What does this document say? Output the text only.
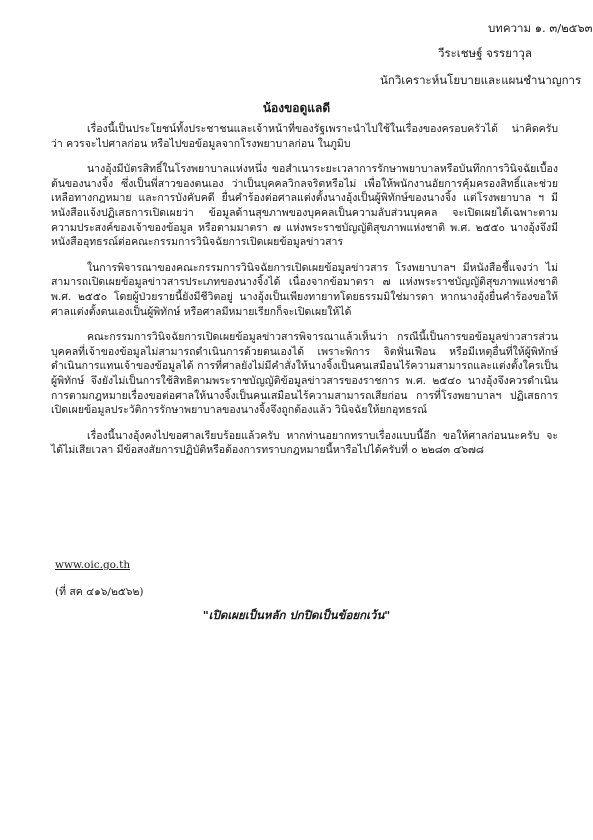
บทความ ๑. ๓/๒๕๖๓
วีระเชษฐ์ จรรยาวุล
นักวิเคราะห์นโยบายและแผนชำนาญการ
น้องขอดูแลดี

เรื่องนี้เป็นประโยชน์ทั้งประชาชนและเจ้าหน้าที่ของรัฐเพราะนำไปใช้ในเรื่องของครอบครัวได้ น่าคิดครับว่า ควรจะไปศาลก่อน หรือไปขอข้อมูลจากโรงพยาบาลก่อน ในภูมิบ

นางอุ้งมีบัตรสิทธิ์ในโรงพยาบาลแห่งหนึ่ง ขอสำเนาระยะเวลาการรักษาพยาบาลหรือบันทึกการวินิจฉัยเบื้องต้นของนางจิ้ง ซึ่งเป็นพี่สาวของตนเอง ว่าเป็นบุคคลวิกลจริตหรือไม่ เพื่อให้พนักงานอัยการคุ้มครองสิทธิ์และช่วยเหลือทางกฎหมาย และการบังคับคดี ยื่นคำร้องต่อศาลแต่งตั้งนางอุ้งเป็นผู้พิทักษ์ของนางจิ้ง แต่โรงพยาบาล ฯ มีหนังสือแจ้งปฏิเสธการเปิดเผยว่า ข้อมูลด้านสุขภาพของบุคคลเป็นความลับส่วนบุคคล จะเปิดเผยได้เฉพาะตามความประสงค์ของเจ้าของข้อมูล หรือตามมาตรา ๗ แห่งพระราชบัญญัติสุขภาพแห่งชาติ พ.ศ. ๒๕๕๐ นางอุ้งจึงมีหนังสืออุทธรณ์ต่อคณะกรรมการวินิจฉัยการเปิดเผยข้อมูลข่าวสาร

ในการพิจารณาของคณะกรรมการวินิจฉัยการเปิดเผยข้อมูลข่าวสาร โรงพยาบาลฯ มีหนังสือชี้แจงว่า ไม่สามารถเปิดเผยข้อมูลข่าวสารประเภทของนางจิ้งได้ เนื่องจากข้อมาตรา ๗ แห่งพระราชบัญญัติสุขภาพแห่งชาติ พ.ศ. ๒๕๕๐ โดยผู้ป่วยรายนี้ยังมีชีวิตอยู่ นางอุ้งเป็นเพียงทายาทโดยธรรมมิใช่มารดา หากนางอุ้งยื่นคำร้องขอให้ศาลแต่งตั้งตนเองเป็นผู้พิทักษ์ หรือศาลมีหมายเรียกก็จะเปิดเผยให้ได้

คณะกรรมการวินิจฉัยการเปิดเผยข้อมูลข่าวสารพิจารณาแล้วเห็นว่า กรณีนี้เป็นการขอข้อมูลข่าวสารส่วนบุคคลที่เจ้าของข้อมูลไม่สามารถดำเนินการด้วยตนเองได้ เพราะพิการ จิตฟั่นเฟือน หรือมีเหตุอื่นที่ให้ผู้พิทักษ์ดำเนินการแทนเจ้าของข้อมูลได้ การที่ศาลยังไม่มีคำสั่งให้นางจิ้งเป็นคนเสมือนไร้ความสามารถและแต่งตั้งใครเป็นผู้พิทักษ์ จึงยังไม่เป็นการใช้สิทธิตามพระราชบัญญัติข้อมูลข่าวสารของราชการ พ.ศ. ๒๕๔๐ นางอุ้งจึงควรดำเนินการตามกฎหมายเรื่องขอต่อศาลให้นางจิ้งเป็นคนเสมือนไร้ความสามารถเสียก่อน การที่โรงพยาบาลฯ ปฏิเสธการเปิดเผยข้อมูลประวัติการรักษาพยาบาลของนางจิ้งจึงถูกต้องแล้ว วินิจฉัยให้ยกอุทธรณ์

เรื่องนี้นางอุ้งคงไปขอศาลเรียบร้อยแล้วครับ หากท่านอยากทราบเรื่องแบบนี้อีก ขอให้ศาลก่อนนะครับ จะได้ไม่เสียเวลา มีข้อสงสัยการปฏิบัติหรือต้องการทราบกฎหมายนี้หารือไปได้ครับที่ ๐ ๒๒๘๓ ๔๖๗๘

www.oic.go.th
(ที่ สค ๔๑๖/๒๕๖๒)
"เปิดเผยเป็นหลัก ปกปิดเป็นข้อยกเว้น"
